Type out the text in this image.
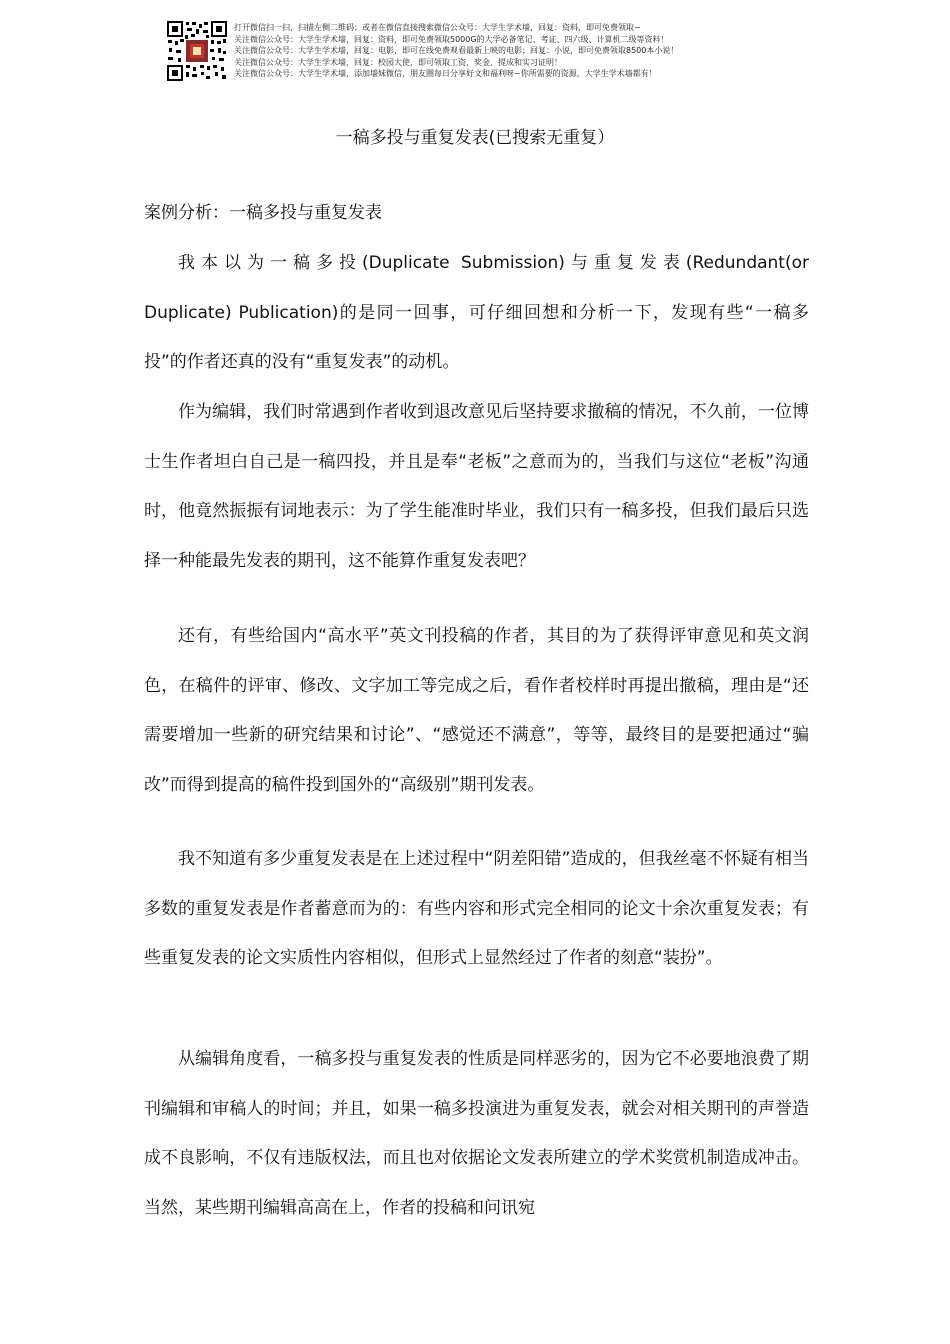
打开微信扫一扫，扫描左侧二维码；或者在微信直接搜索微信公众号：大学生学术墙，回复：资料，即可免费领取~
关注微信公众号：大学生学术墙，回复：资料，即可免费领取5000G的大学必备笔记、考证、四六级、计算机二级等资料！
关注微信公众号：大学生学术墙，回复：电影，即可在线免费观看最新上映的电影；回复：小说，即可免费领取8500本小说！
关注微信公众号：大学生学术墙，回复：校园大使，即可领取工资、奖金、提成和实习证明！
关注微信公众号：大学生学术墙，添加墙妹微信，朋友圈每日分享好文和福利呀~你所需要的资源，大学生学术墙都有！
一稿多投与重复发表(已搜索无重复）
案例分析：一稿多投与重复发表

我本以为一稿多投(Duplicate Submission)与重复发表(Redundant(or Duplicate) Publication)的是同一回事，可仔细回想和分析一下，发现有些“一稿多投”的作者还真的没有“重复发表”的动机。

作为编辑，我们时常遇到作者收到退改意见后坚持要求撤稿的情况，不久前，一位博士生作者坦白自己是一稿四投，并且是奉“老板”之意而为的，当我们与这位“老板”沟通时，他竟然振振有词地表示：为了学生能准时毕业，我们只有一稿多投，但我们最后只选择一种能最先发表的期刊，这不能算作重复发表吧？

还有，有些给国内“高水平”英文刊投稿的作者，其目的为了获得评审意见和英文润色，在稿件的评审、修改、文字加工等完成之后，看作者校样时再提出撤稿，理由是“还需要增加一些新的研究结果和讨论”、“感觉还不满意”，等等，最终目的是要把通过“骗改”而得到提高的稿件投到国外的“高级别”期刊发表。

我不知道有多少重复发表是在上述过程中“阴差阳错”造成的，但我丝毫不怀疑有相当多数的重复发表是作者蓄意而为的：有些内容和形式完全相同的论文十余次重复发表；有些重复发表的论文实质性内容相似，但形式上显然经过了作者的刻意“装扮”。

从编辑角度看，一稿多投与重复发表的性质是同样恶劣的，因为它不必要地浪费了期刊编辑和审稿人的时间；并且，如果一稿多投演进为重复发表，就会对相关期刊的声誉造成不良影响，不仅有违版权法，而且也对依据论文发表所建立的学术奖赏机制造成冲击。当然，某些期刊编辑高高在上，作者的投稿和问讯宛
